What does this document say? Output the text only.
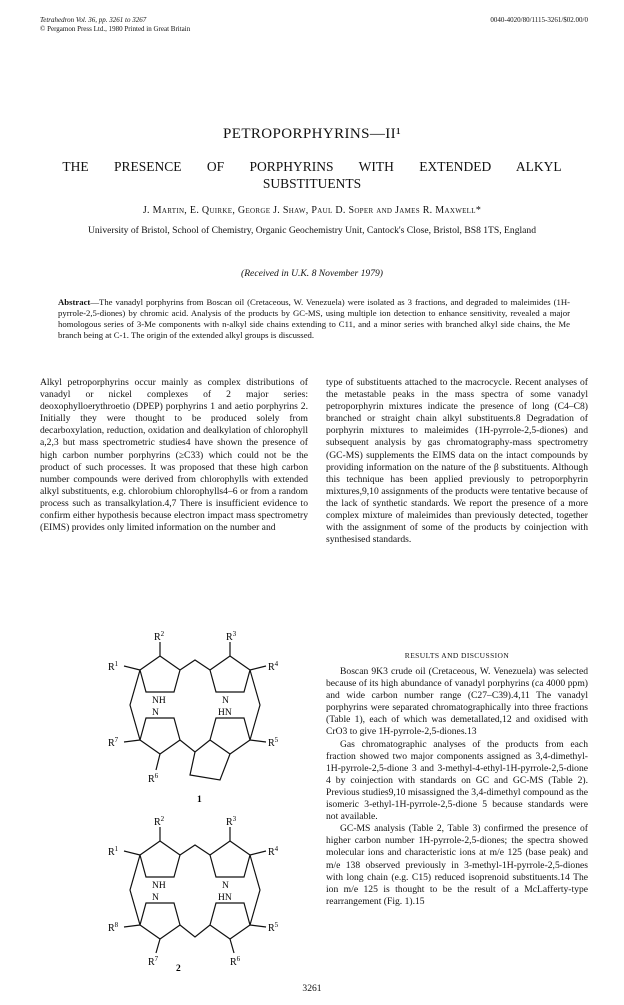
Tetrahedron Vol. 36, pp. 3261 to 3267
© Pergamon Press Ltd., 1980 Printed in Great Britain
0040-4020/80/1115-3261/$02.00/0
PETROPORPHYRINS—II¹
THE PRESENCE OF PORPHYRINS WITH EXTENDED ALKYL SUBSTITUENTS
J. Martin, E. Quirke, George J. Shaw, Paul D. Soper and James R. Maxwell*
University of Bristol, School of Chemistry, Organic Geochemistry Unit, Cantock's Close, Bristol, BS8 1TS, England
(Received in U.K. 8 November 1979)
Abstract—The vanadyl porphyrins from Boscan oil (Cretaceous, W. Venezuela) were isolated as 3 fractions, and degraded to maleimides (1H-pyrrole-2,5-diones) by chromic acid. Analysis of the products by GC-MS, using multiple ion detection to enhance sensitivity, revealed a major homologous series of 3-Me components with n-alkyl side chains extending to C11, and a minor series with branched alkyl side chains, the Me branch being at C-1. The origin of the extended alkyl groups is discussed.

Alkyl petroporphyrins occur mainly as complex distributions of vanadyl or nickel complexes of 2 major series: deoxophylloerythroetio (DPEP) porphyrins 1 and aetio porphyrins 2. Initially they were thought to be produced solely from decarboxylation, reduction, oxidation and dealkylation of chlorophyll a,2,3 but mass spectrometric studies4 have shown the presence of high carbon number porphyrins (≥C33) which could not be the product of such processes. It was proposed that these high carbon number compounds were derived from chlorophylls with extended alkyl substituents, e.g. chlorobium chlorophylls4–6 or from a random process such as transalkylation.4,7 There is insufficient evidence to confirm either hypothesis because electron impact mass spectrometry (EIMS) provides only limited information on the number and

type of substituents attached to the macrocycle. Recent analyses of the metastable peaks in the mass spectra of some vanadyl petroporphyrin mixtures indicate the presence of long (C4–C8) branched or straight chain alkyl substituents.8 Degradation of porphyrin mixtures to maleimides (1H-pyrrole-2,5-diones) and subsequent analysis by gas chromatography-mass spectrometry (GC-MS) supplements the EIMS data on the intact compounds by providing information on the nature of the β substituents. Although this technique has been applied previously to petroporphyrin mixtures,9,10 assignments of the products were tentative because of the lack of synthetic standards. We report the presence of a more complex mixture of maleimides than previously detected, together with the assignment of some of the products by coinjection with synthesised standards.

RESULTS AND DISCUSSION

Boscan 9K3 crude oil (Cretaceous, W. Venezuela) was selected because of its high abundance of vanadyl porphyrins (ca 4000 ppm) and wide carbon number range (C27–C39).4,11 The vanadyl porphyrins were separated chromatographically into three fractions (Table 1), each of which was demetallated,12 and oxidised with CrO3 to give 1H-pyrrole-2,5-diones.13

Gas chromatographic analyses of the products from each fraction showed two major components assigned as 3,4-dimethyl-1H-pyrrole-2,5-dione 3 and 3-methyl-4-ethyl-1H-pyrrole-2,5-dione 4 by coinjection with standards on GC and GC-MS (Table 2). Previous studies9,10 misassigned the 3,4-dimethyl compound as the isomeric 3-ethyl-1H-pyrrole-2,5-dione 5 because standards were not available.

GC-MS analysis (Table 2, Table 3) confirmed the presence of higher carbon number 1H-pyrrole-2,5-diones; the spectra showed molecular ions and characteristic ions at m/e 125 (base peak) and m/e 138 observed previously in 3-methyl-1H-pyrrole-2,5-diones with long chain (e.g. C15) reduced isoprenoid substituents.14 The ion m/e 125 is thought to be the result of a McLafferty-type rearrangement (Fig. 1).15

$R^2$	$R^3$
$R^1$	$R^4$
$R^7$	$R^5$
$R^6$
NH	N
N	HN
1
$R^2$	$R^3$
$R^1$	$R^4$
$R^8$	$R^5$
$R^7$	$R^6$
NH	N
N	HN
2
3261
